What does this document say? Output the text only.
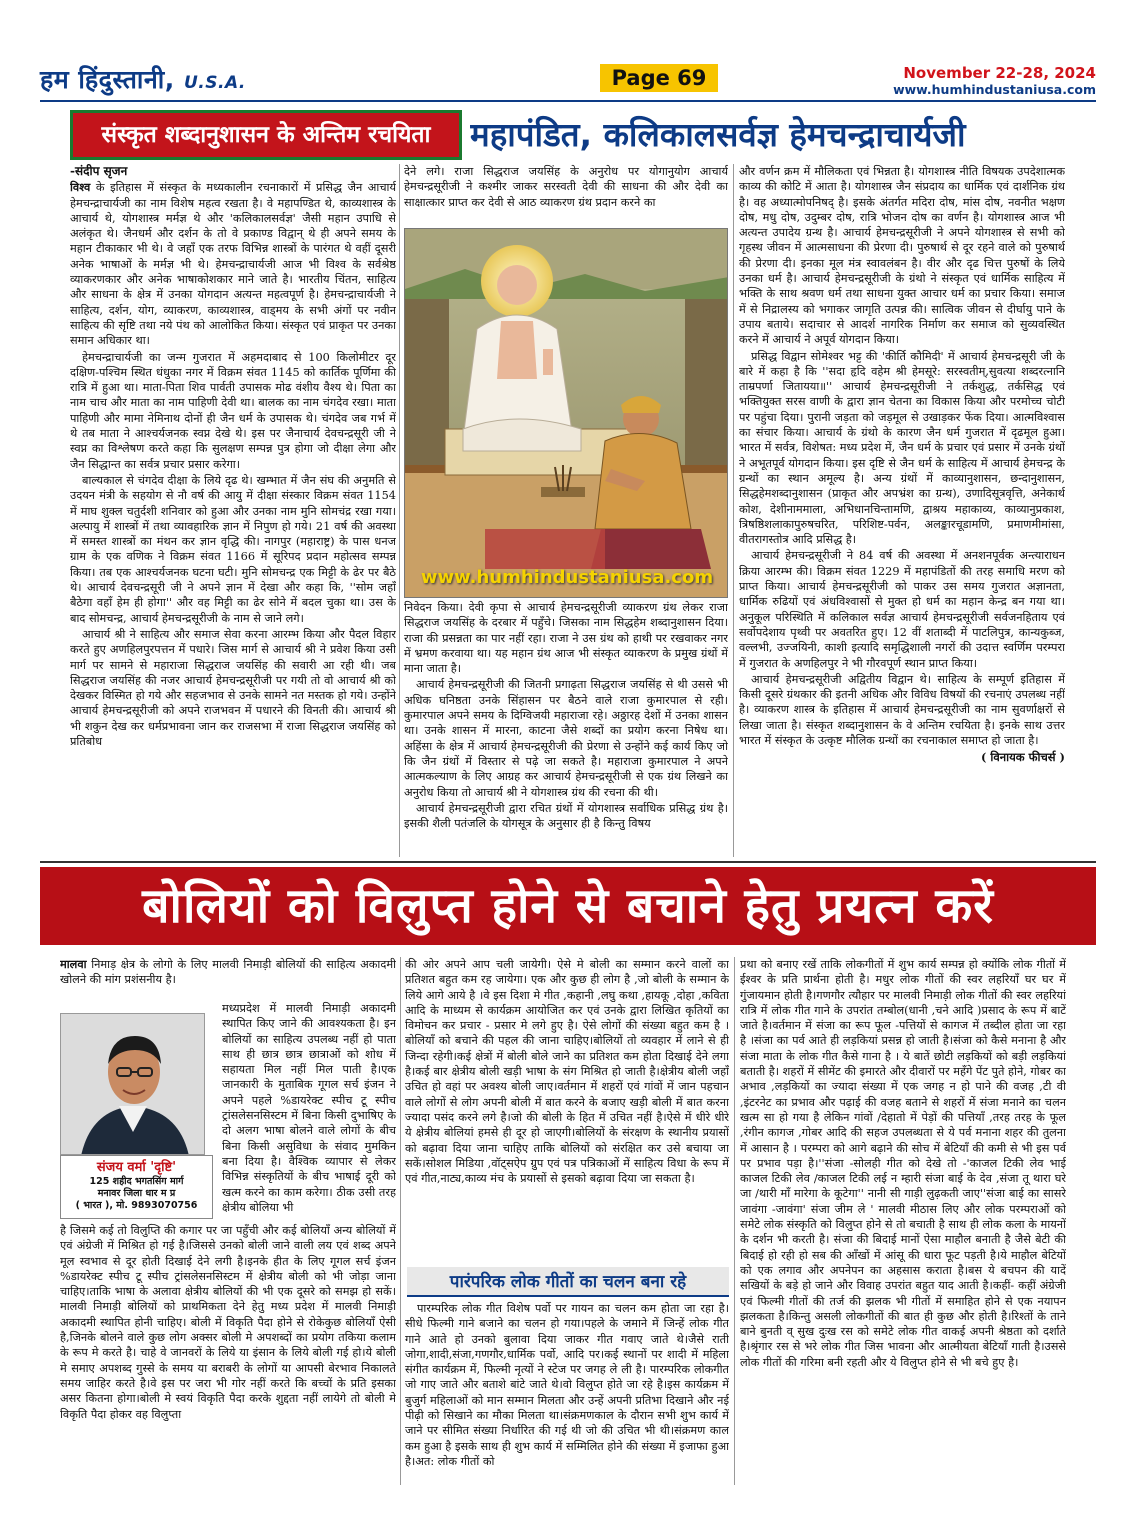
हम हिंदुस्तानी, U.S.A.	Page 69	November 22-28, 2024
www.humhindustaniusa.com
संस्कृत शब्दानुशासन के अन्तिम रचयिता	महापंडित, कलिकालसर्वज्ञ हेमचन्द्राचार्यजी

-संदीप सृजन

विश्व के इतिहास में संस्कृत के मध्यकालीन रचनाकारों में प्रसिद्ध जैन आचार्य हेमचन्द्राचार्यजी का नाम विशेष महत्व रखता है। वे महापण्डित थे, काव्यशास्त्र के आचार्य थे, योगशास्त्र मर्मज्ञ थे और 'कलिकालसर्वज्ञ' जैसी महान उपाधि से अलंकृत थे। जैनधर्म और दर्शन के तो वे प्रकाण्ड विद्वान् थे ही अपने समय के महान टीकाकार भी थे। वे जहाँ एक तरफ विभिन्न शास्त्रों के पारंगत थे वहीं दूसरी अनेक भाषाओं के मर्मज्ञ भी थे। हेमचन्द्राचार्यजी आज भी विश्व के सर्वश्रेष्ठ व्याकरणकार और अनेक भाषाकोशकार माने जाते है। भारतीय चिंतन, साहित्य और साधना के क्षेत्र में उनका योगदान अत्यन्त महत्वपूर्ण है। हेमचन्द्राचार्यजी ने साहित्य, दर्शन, योग, व्याकरण, काव्यशास्त्र, वाड्मय के सभी अंगों पर नवीन साहित्य की सृष्टि तथा नये पंथ को आलोकित किया। संस्कृत एवं प्राकृत पर उनका समान अधिकार था।

हेमचन्द्राचार्यजी का जन्म गुजरात में अहमदाबाद से 100 किलोमीटर दूर दक्षिण-पश्चिम स्थित धंधुका नगर में विक्रम संवत 1145 को कार्तिक पूर्णिमा की रात्रि में हुआ था। माता-पिता शिव पार्वती उपासक मोढ वंशीय वैश्य थे। पिता का नाम चाच और माता का नाम पाहिणी देवी था। बालक का नाम चंगदेव रखा। माता पाहिणी और मामा नेमिनाथ दोनों ही जैन धर्म के उपासक थे। चंगदेव जब गर्भ में थे तब माता ने आश्चर्यजनक स्वप्न देखे थे। इस पर जैनाचार्य देवचन्द्रसूरी जी ने स्वप्न का विश्लेषण करते कहा कि सुलक्षण सम्पन्न पुत्र होगा जो दीक्षा लेगा और जैन सिद्धान्त का सर्वत्र प्रचार प्रसार करेगा।

बाल्यकाल से चंगदेव दीक्षा के लिये दृढ थे। खम्भात में जैन संघ की अनुमति से उदयन मंत्री के सहयोग से नौ वर्ष की आयु में दीक्षा संस्कार विक्रम संवत 1154 में माघ शुक्ल चतुर्दशी शनिवार को हुआ और उनका नाम मुनि सोमचंद्र रखा गया। अल्पायु में शास्त्रों में तथा व्यावहारिक ज्ञान में निपुण हो गये। 21 वर्ष की अवस्था में समस्त शास्त्रों का मंथन कर ज्ञान वृद्धि की। नागपुर (महाराष्ट्र) के पास धनज ग्राम के एक वणिक ने विक्रम संवत 1166 में सूरिपद प्रदान महोत्सव सम्पन्न किया। तब एक आश्चर्यजनक घटना घटी। मुनि सोमचन्द्र एक मिट्टी के ढेर पर बैठे थे। आचार्य देवचन्द्रसूरी जी ने अपने ज्ञान में देखा और कहा कि, ''सोम जहाँ बैठेगा वहाँ हेम ही होगा'' और वह मिट्टी का ढेर सोने में बदल चुका था। उस के बाद सोमचन्द्र, आचार्य हेमचन्द्रसूरीजी के नाम से जाने लगे।

आचार्य श्री ने साहित्य और समाज सेवा करना आरम्भ किया और पैदल विहार करते हुए अणहिलपुरपत्तन में पधारे। जिस मार्ग से आचार्य श्री ने प्रवेश किया उसी मार्ग पर सामने से महाराजा सिद्धराज जयसिंह की सवारी आ रही थी। जब सिद्धराज जयसिंह की नजर आचार्य हेमचन्द्रसूरीजी पर गयी तो वो आचार्य श्री को देखकर विस्मित हो गये और सहजभाव से उनके सामने नत मस्तक हो गये। उन्होंने आचार्य हेमचन्द्रसूरीजी को अपने राजभवन में पधारने की विनती की। आचार्य श्री भी शकुन देख कर धर्मप्रभावना जान कर राजसभा में राजा सिद्धराज जयसिंह को प्रतिबोध

देने लगे। राजा सिद्धराज जयसिंह के अनुरोध पर योगानुयोग आचार्य हेमचन्द्रसूरीजी ने कश्मीर जाकर सरस्वती देवी की साधना की और देवी का साक्षात्कार प्राप्त कर देवी से आठ व्याकरण ग्रंथ प्रदान करने का

www.humhindustaniusa.com

निवेदन किया। देवी कृपा से आचार्य हेमचन्द्रसूरीजी व्याकरण ग्रंथ लेकर राजा सिद्धराज जयसिंह के दरबार में पहुँचे। जिसका नाम सिद्धहेम शब्दानुशासन दिया। राजा की प्रसन्नता का पार नहीं रहा। राजा ने उस ग्रंथ को हाथी पर रखवाकर नगर में भ्रमण करवाया था। यह महान ग्रंथ आज भी संस्कृत व्याकरण के प्रमुख ग्रंथों में माना जाता है।

आचार्य हेमचन्द्रसूरीजी की जितनी प्रगाढ़ता सिद्धराज जयसिंह से थी उससे भी अधिक घनिष्ठता उनके सिंहासन पर बैठने वाले राजा कुमारपाल से रही। कुमारपाल अपने समय के दिग्विजयी महाराजा रहे। अठ्ठारह देशों में उनका शासन था। उनके शासन में मारना, काटना जैसे शब्दों का प्रयोग करना निषेध था। अहिंसा के क्षेत्र में आचार्य हेमचन्द्रसूरीजी की प्रेरणा से उन्होंने कई कार्य किए जो कि जैन ग्रंथों में विस्तार से पढ़े जा सकते है। महाराजा कुमारपाल ने अपने आत्मकल्याण के लिए आग्रह कर आचार्य हेमचन्द्रसूरीजी से एक ग्रंथ लिखने का अनुरोध किया तो आचार्य श्री ने योगशास्त्र ग्रंथ की रचना की थी।

आचार्य हेमचन्द्रसूरीजी द्वारा रचित ग्रंथों में योगशास्त्र सर्वाधिक प्रसिद्ध ग्रंथ है। इसकी शैली पतंजलि के योगसूत्र के अनुसार ही है किन्तु विषय

और वर्णन क्रम में मौलिकता एवं भिन्नता है। योगशास्त्र नीति विषयक उपदेशात्मक काव्य की कोटि में आता है। योगशास्त्र जैन संप्रदाय का धार्मिक एवं दार्शनिक ग्रंथ है। वह अध्यात्मोपनिषद् है। इसके अंतर्गत मदिरा दोष, मांस दोष, नवनीत भक्षण दोष, मधु दोष, उदुम्बर दोष, रात्रि भोजन दोष का वर्णन है। योगशास्त्र आज भी अत्यन्त उपादेय ग्रन्थ है। आचार्य हेमचन्द्रसूरीजी ने अपने योगशास्त्र से सभी को गृहस्थ जीवन में आत्मसाधना की प्रेरणा दी। पुरुषार्थ से दूर रहने वाले को पुरुषार्थ की प्रेरणा दी। इनका मूल मंत्र स्वावलंबन है। वीर और दृढ चित्त पुरुषों के लिये उनका धर्म है। आचार्य हेमचन्द्रसूरीजी के ग्रंथो ने संस्कृत एवं धार्मिक साहित्य में भक्ति के साथ श्रवण धर्म तथा साधना युक्त आचार धर्म का प्रचार किया। समाज में से निद्रालस्य को भगाकर जागृति उत्पन्न की। सात्विक जीवन से दीर्घायु पाने के उपाय बताये। सदाचार से आदर्श नागरिक निर्माण कर समाज को सुव्यवस्थित करने में आचार्य ने अपूर्व योगदान किया।

प्रसिद्ध विद्वान सोमेश्वर भट्ट की 'कीर्ति कौमिदी' में आचार्य हेमचन्द्रसूरी जी के बारे में कहा है कि ''सदा हृदि वहेम श्री हेमसूरे: सरस्वतीम्‌,सुवत्या शब्दरत्नानि ताम्रपर्णा जितायया॥'' आचार्य हेमचन्द्रसूरीजी ने तर्कशुद्ध, तर्कसिद्ध एवं भक्तियुक्त सरस वाणी के द्वारा ज्ञान चेतना का विकास किया और परमोच्च चोटी पर पहुंचा दिया। पुरानी जड़ता को जड़मूल से उखाड़कर फेंक दिया। आत्मविश्वास का संचार किया। आचार्य के ग्रंथो के कारण जैन धर्म गुजरात में दृढमूल हुआ। भारत में सर्वत्र, विशेषत: मध्य प्रदेश में, जैन धर्म के प्रचार एवं प्रसार में उनके ग्रंथों ने अभूतपूर्व योगदान किया। इस दृष्टि से जैन धर्म के साहित्य में आचार्य हेमचन्द्र के ग्रन्थों का स्थान अमूल्य है। अन्य ग्रंथों में काव्यानुशासन, छन्दानुशासन, सिद्धहेमशब्दानुशासन (प्राकृत और अपभ्रंश का ग्रन्थ), उणादिसूत्रवृत्ति, अनेकार्थ कोश, देशीनाममाला, अभिधानचिन्तामणि, द्वाश्रय महाकाव्य, काव्यानुप्रकाश, त्रिषष्ठिशलाकापुरुषचरित, परिशिष्ट-पर्वन, अलङ्कारचूडामणि, प्रमाणमीमांसा, वीतरागस्तोत्र आदि प्रसिद्ध है।

आचार्य हेमचन्द्रसूरीजी ने 84 वर्ष की अवस्था में अनशनपूर्वक अन्त्याराधन क्रिया आरम्भ की। विक्रम संवत 1229 में महापंडितों की तरह समाधि मरण को प्राप्त किया। आचार्य हेमचन्द्रसूरीजी को पाकर उस समय गुजरात अज्ञानता, धार्मिक रुढियों एवं अंधविश्वासों से मुक्त हो धर्म का महान केन्द्र बन गया था। अनुकूल परिस्थिति में कलिकाल सर्वज्ञ आचार्य हेमचन्द्रसूरीजी सर्वजनहिताय एवं सर्वोपदेशाय पृथ्वी पर अवतरित हुए। 12 वीं शताब्दी में पाटलिपुत्र, कान्यकुब्ज, वल्लभी, उज्जयिनी, काशी इत्यादि समृद्धिशाली नगरों की उदात्त स्वर्णिम परम्परा में गुजरात के अणहिलपुर ने भी गौरवपूर्ण स्थान प्राप्त किया।

आचार्य हेमचन्द्रसूरीजी अद्वितीय विद्वान थे। साहित्य के सम्पूर्ण इतिहास में किसी दूसरे ग्रंथकार की इतनी अधिक और विविध विषयों की रचनाएं उपलब्ध नहीं है। व्याकरण शास्त्र के इतिहास में आचार्य हेमचन्द्रसूरीजी का नाम सुवर्णाक्षरों से लिखा जाता है। संस्कृत शब्दानुशासन के वे अन्तिम रचयिता है। इनके साथ उत्तर भारत में संस्कृत के उत्कृष्ट मौलिक ग्रन्थों का रचनाकाल समाप्त हो जाता है।

( विनायक फीचर्स )
बोलियों को विलुप्त होने से बचाने हेतु प्रयत्न करें

मालवा निमाड़ क्षेत्र के लोगो के लिए मालवी निमाड़ी बोलियों की साहित्य अकादमी खोलने की मांग प्रशंसनीय है।

संजय वर्मा 'दृष्टि'
125 शहीद भगतसिंग मार्ग
मनावर जिला धार म प्र
( भारत ), मो. 9893070756

मध्यप्रदेश में मालवी निमाड़ी अकादमी स्थापित किए जाने की आवश्यकता है। इन बोलियों का साहित्य उपलब्ध नहीं हो पाता साथ ही छात्र छात्र छात्राओं को शोध में सहायता मिल नहीं मिल पाती है।एक जानकारी के मुताबिक गूगल सर्च इंजन ने अपने पहले %डायरेक्ट स्पीच टू स्पीच ट्रांसलेसनसिस्टम में बिना किसी दुभाषिए के दो अलग भाषा बोलने वाले लोगों के बीच बिना किसी असुविधा के संवाद मुमकिन बना दिया है। वैश्विक व्यापार से लेकर विभिन्न संस्कृतियों के बीच भाषाई दूरी को खत्म करने का काम करेगा। ठीक उसी तरह क्षेत्रीय बोलिया भी

है जिसमे कई तो विलुप्ति की कगार पर जा पहुँची और कई बोलियाँ अन्य बोलियों में एवं अंग्रेजी में मिश्रित हो गई है।जिससे उनको बोली जाने वाली लय एवं शब्द अपने मूल स्वभाव से दूर होती दिखाई देने लगी है।इनके हीत के लिए गूगल सर्च इंजन %डायरेक्ट स्पीच टू स्पीच ट्रांसलेसनसिस्टम में क्षेत्रीय बोली को भी जोड़ा जाना चाहिए।ताकि भाषा के अलावा क्षेत्रीय बोलियों की भी एक दूसरे को समझ हो सकें। मालवी निमाड़ी बोलियों को प्राथमिकता देने हेतु मध्य प्रदेश में मालवी निमाड़ी अकादमी स्थापित होनी चाहिए। बोली में विकृति पैदा होने से रोकेकुछ बोलियाँ ऐसी है,जिनके बोलने वाले कुछ लोग अक्सर बोली मे अपशब्दों का प्रयोग तकिया कलाम के रूप मे करते है। चाहे वे जानवरों के लिये या इंसान के लिये बोली गई हो।ये बोली मे समाए अपशब्द गुस्से के समय या बराबरी के लोगों या आपसी बेरभाव निकालते समय जाहिर करते है।वे इस पर जरा भी गोर नहीं करते कि बच्चों के प्रति इसका असर कितना होगा।बोली मे स्वयं विकृति पैदा करके शुद्दता नहीं लायेगे तो बोली मे विकृति पैदा होकर वह विलुप्ता

की ओर अपने आप चली जायेगी। ऐसे मे बोली का सम्मान करने वालों का प्रतिशत बहुत कम रह जायेगा। एक और कुछ ही लोग है ,जो बोली के सम्मान के लिये आगे आये है ।वे इस दिशा मे गीत ,कहानी ,लघु कथा ,हायकू ,दोहा ,कविता आदि के माध्यम से कार्यक्रम आयोजित कर एवं उनके द्वारा लिखित कृतियों का विमोचन कर प्रचार - प्रसार मे लगे हुए है। ऐसे लोगों की संख्या बहुत कम है ।बोलियाँ को बचाने की पहल की जाना चाहिए।बोलियों तो व्यवहार में लाने से ही जिन्दा रहेगी।कई क्षेत्रों में बोली बोले जाने का प्रतिशत कम होता दिखाई देने लगा है।कई बार क्षेत्रीय बोली खड़ी भाषा के संग मिश्रित हो जाती है।क्षेत्रीय बोली जहाँ उचित हो वहां पर अवश्य बोली जाए।वर्तमान में शहरों एवं गांवों में जान पहचान वाले लोगों से लोग अपनी बोली में बात करने के बजाए खड़ी बोली में बात करना ज्यादा पसंद करने लगे है।जो की बोली के हित में उचित नहीं है।ऐसे में धीरे धीरे ये क्षेत्रीय बोलियां हमसे ही दूर हो जाएगी।बोलियों के संरक्षण के स्थानीय प्रयासों को बढ़ावा दिया जाना चाहिए ताकि बोलियों को संरक्षित कर उसे बचाया जा सकें।सोशल मिडिया ,वॉट्सऐप ग्रुप एवं पत्र पत्रिकाओं में साहित्य विधा के रूप में एवं गीत,नाट्य,काव्य मंच के प्रयासों से इसको बढ़ावा दिया जा सकता है।

पारंपरिक लोक गीतों का चलन बना रहे

पारम्परिक लोक गीत विशेष पर्वो पर गायन का चलन कम होता जा रहा है।सीधे फिल्मी गाने बजाने का चलन हो गया।पहले के जमाने में जिन्हें लोक गीत गाने आते हो उनको बुलावा दिया जाकर गीत गवाए जाते थे।जैसे राती जोगा,शादी,संजा,गणगौर,धार्मिक पर्वो, आदि पर।कई स्थानों पर शादी में महिला संगीत कार्यक्रम में, फिल्मी नृत्यों ने स्टेज पर जगह ले ली है। पारम्परिक लोकगीत जो गाए जाते और बताशे बांटे जाते थे।वो विलुप्त होते जा रहे है।इस कार्यक्रम में बुजुर्ग महिलाओं को मान सम्मान मिलता और उन्हें अपनी प्रतिभा दिखाने और नई पीढ़ी को सिखाने का मौका मिलता था।संक्रमणकाल के दौरान सभी शुभ कार्य में जाने पर सीमित संख्या निर्धारित की गई थी जो की उचित भी थी।संक्रमण काल कम हुआ है इसके साथ ही शुभ कार्य में सम्मिलित होने की संख्या में इजाफा हुआ है।अत: लोक गीतों को

प्रथा को बनाए रखें ताकि लोकगीतों में शुभ कार्य सम्पन्न हो क्योंकि लोक गीतों में ईश्वर के प्रति प्रार्थना होती है। मधुर लोक गीतों की स्वर लहरियाँ घर घर में गुंजायमान होती है।गणगौर त्यौहार पर मालवी निमाड़ी लोक गीतों की स्वर लहरियां रात्रि में लोक गीत गाने के उपरांत तम्बोल(धानी ,चने आदि )प्रसाद के रूप में बाटें जाते है।वर्तमान में संजा का रूप फूल -पत्तियों से कागज में तब्दील होता जा रहा है ।संजा का पर्व आते ही लड़कियां प्रसन्न हो जाती है।संजा को कैसे मनाना है और संजा माता के लोक गीत कैसे गाना है । ये बातें छोटी लड़कियों को बड़ी लड़कियां बताती है। शहरों में सीमेंट की इमारते और दीवारों पर महँगे पेंट पुते होने, गोबर का अभाव ,लड़कियों का ज्यादा संख्या में एक जगह न हो पाने की वजह ,टी वी ,इंटरनेट का प्रभाव और पढ़ाई की वजह बताने से शहरों में संजा मनाने का चलन खत्म सा हो गया है लेकिन गांवों /देहातो में पेड़ों की पत्तियाँ ,तरह तरह के फूल ,रंगीन कागज ,गोबर आदि की सहज उपलब्धता से ये पर्व मनाना शहर की तुलना में आसान है । परम्परा को आगे बढ़ाने की सोच में बेटियाँ की कमी से भी इस पर्व पर प्रभाव पड़ा है।''संजा -सोलही गीत को देखे तो -'काजल टिकी लेव भाई काजल टिकी लेव /काजल टिकी लई न म्हारी संजा बाई के देव ,संजा तू थारा घरे जा /थारी माँ मारेगा के कूटेगा'' नानी सी गाड़ी लुढ़कती जाए''संजा बाई का सासरे जावंगा -जावंगा' संजा जीम ले ' मालवी मीठास लिए और लोक परम्पराओं को समेटे लोक संस्कृति को विलुप्त होने से तो बचाती है साथ ही लोक कला के मायनों के दर्शन भी करती है। संजा की बिदाई मानों ऐसा माहौल बनाती है जैसे बेटी की बिदाई हो रही हो सब की आँखों में आंसू की धारा फूट पड़ती है।ये माहौल बेटियों को एक लगाव और अपनेपन का अहसास कराता है।बस ये बचपन की यादें सखियों के बड़े हो जाने और विवाह उपरांत बहुत याद आती है।कहीं- कहीं अंग्रेजी एवं फिल्मी गीतों की तर्ज की झलक भी गीतों में समाहित होने से एक नयापन झलकता है।किन्तु असली लोकगीतों की बात ही कुछ और होती है।रिश्तों के ताने बाने बुनती व् सुख दुःख रस को समेटे लोक गीत वाकई अपनी श्रेष्ठता को दर्शाते है।श्रृंगार रस से भरे लोक गीत जिस भावना और आत्मीयता बेटियाँ गाती है।उससे लोक गीतों की गरिमा बनी रहती और ये विलुप्त होने से भी बचे हुए है।
